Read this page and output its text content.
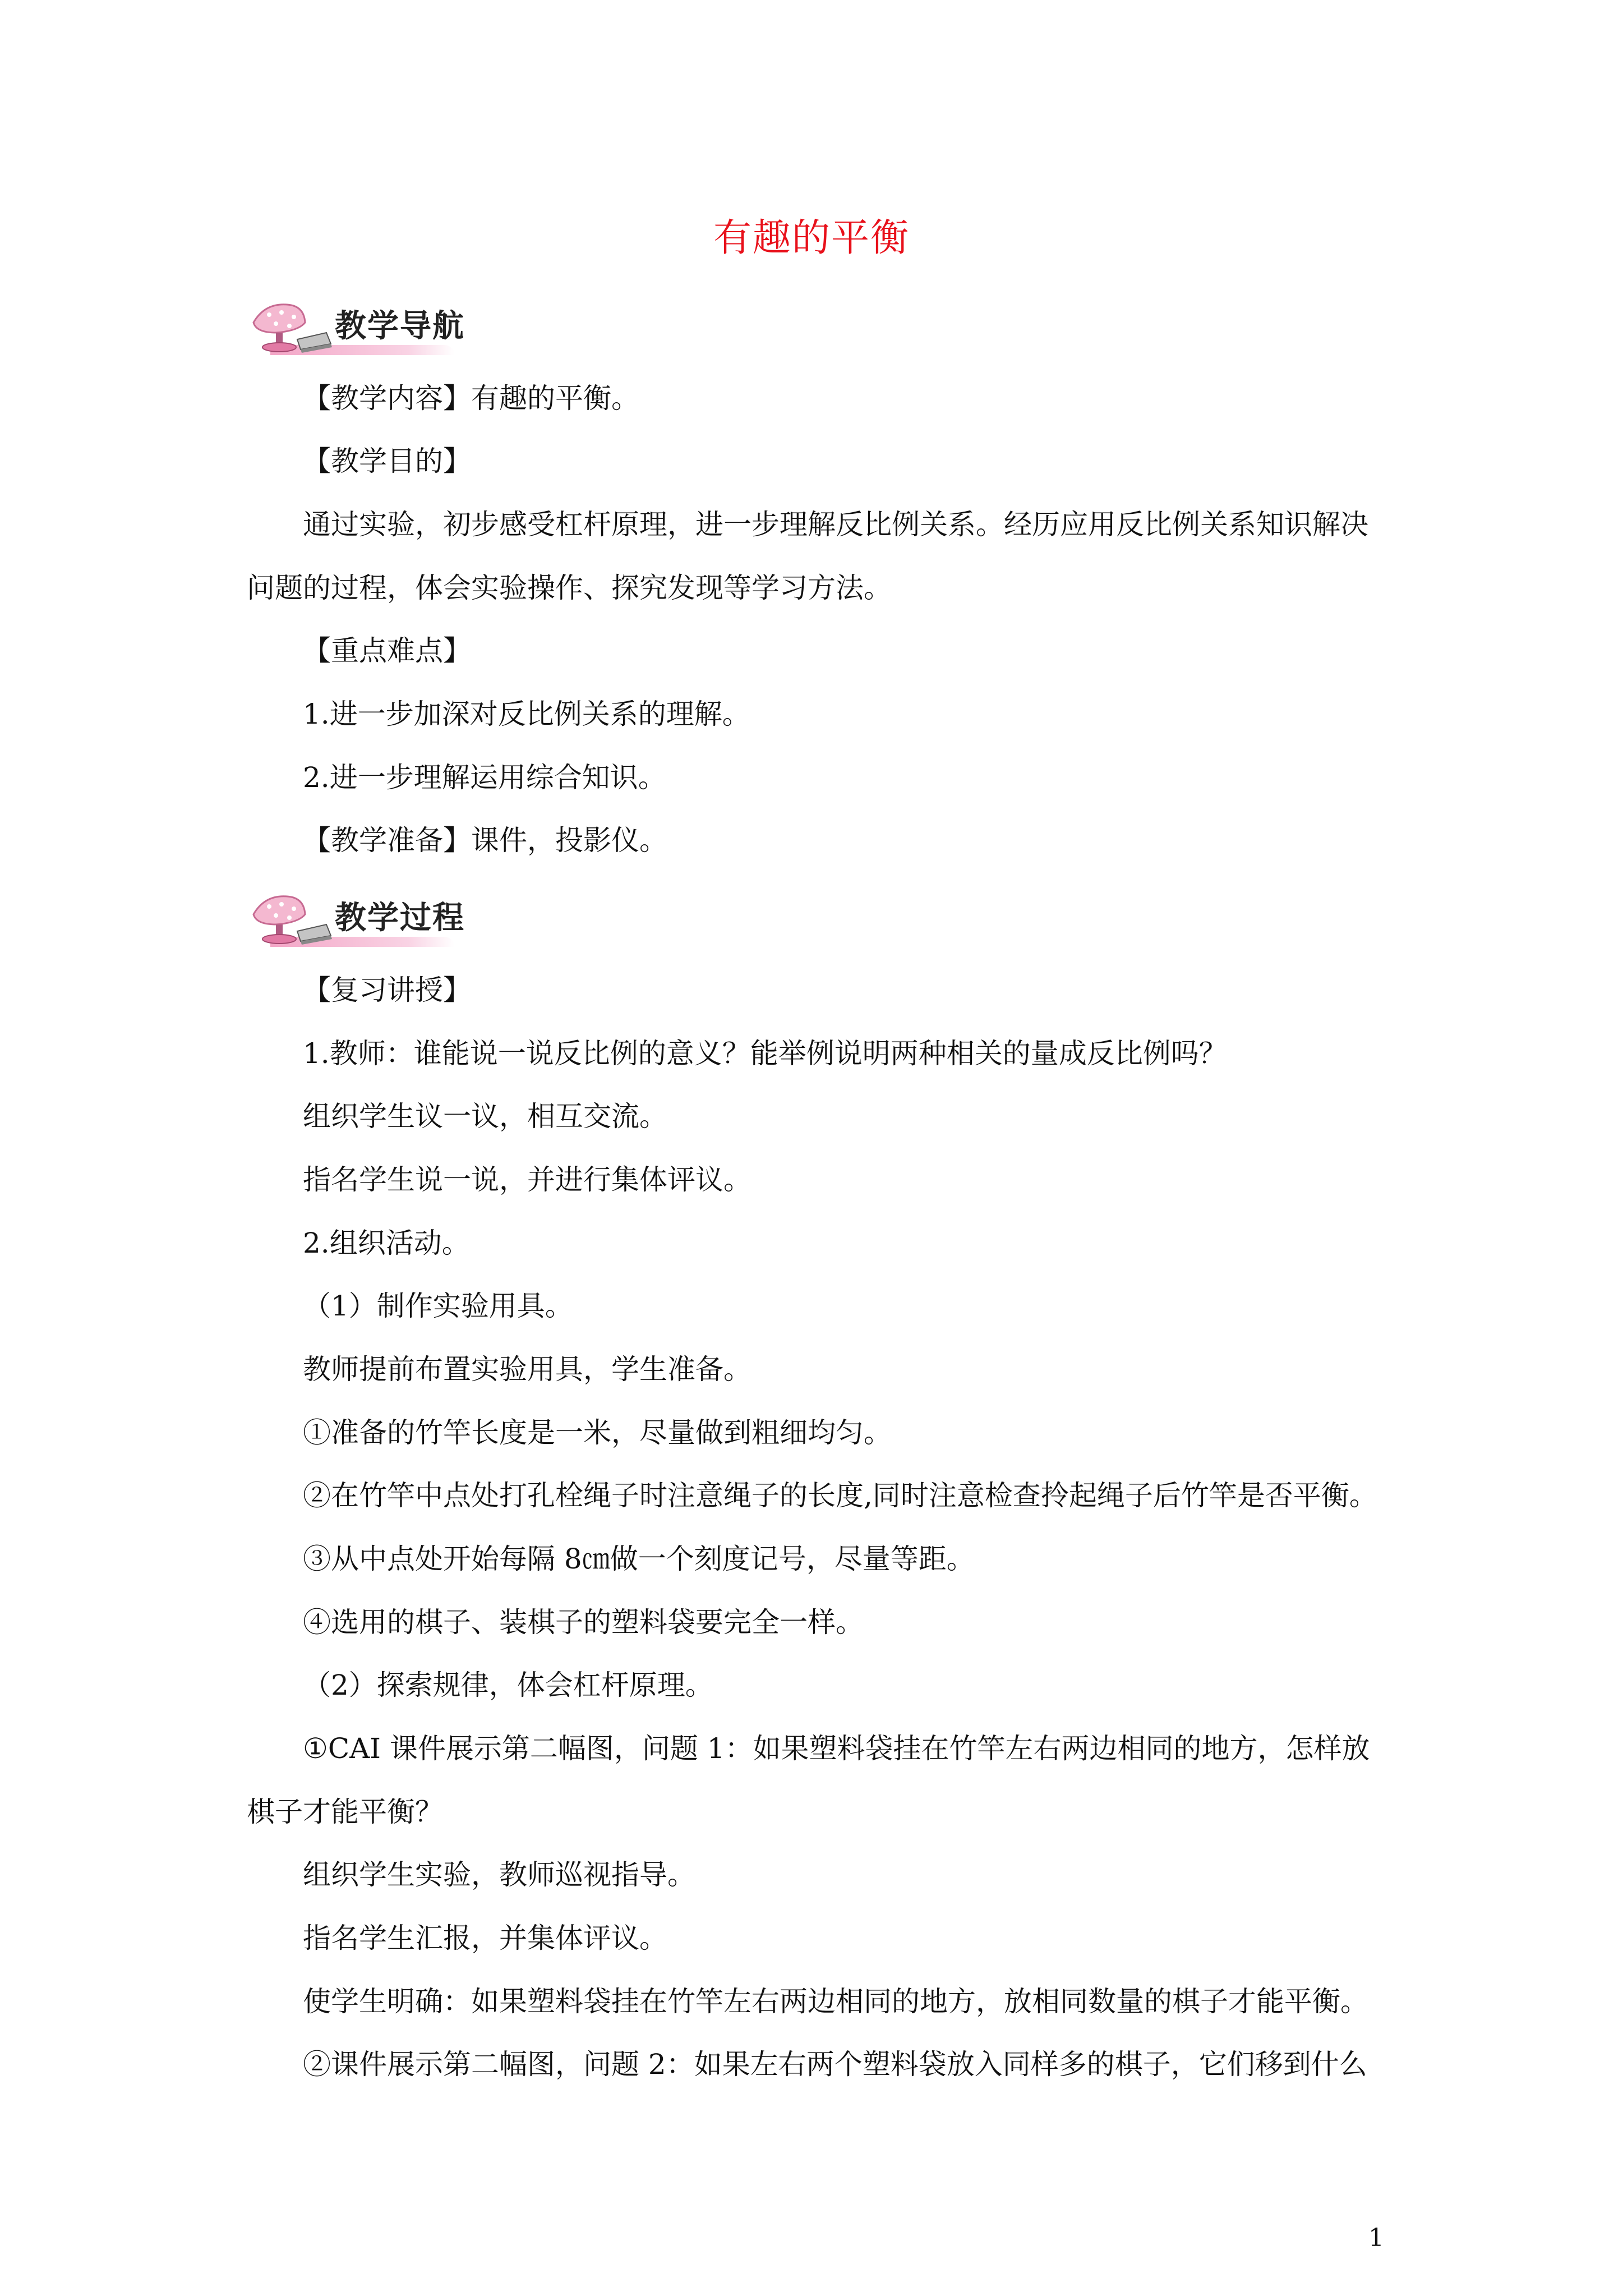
有趣的平衡
教学导航
教学过程
【教学内容】有趣的平衡。
【教学目的】
通过实验，初步感受杠杆原理，进一步理解反比例关系。经历应用反比例关系知识解决
问题的过程，体会实验操作、探究发现等学习方法。
【重点难点】
1.进一步加深对反比例关系的理解。
2.进一步理解运用综合知识。
【教学准备】课件，投影仪。
【复习讲授】
1.教师：谁能说一说反比例的意义？能举例说明两种相关的量成反比例吗？
组织学生议一议，相互交流。
指名学生说一说，并进行集体评议。
2.组织活动。
（1）制作实验用具。
教师提前布置实验用具，学生准备。
①准备的竹竿长度是一米，尽量做到粗细均匀。
②在竹竿中点处打孔栓绳子时注意绳子的长度,同时注意检查拎起绳子后竹竿是否平衡。
③从中点处开始每隔 8㎝做一个刻度记号，尽量等距。
④选用的棋子、装棋子的塑料袋要完全一样。
（2）探索规律，体会杠杆原理。
①CAI 课件展示第二幅图，问题 1：如果塑料袋挂在竹竿左右两边相同的地方，怎样放
棋子才能平衡？
组织学生实验，教师巡视指导。
指名学生汇报，并集体评议。
使学生明确：如果塑料袋挂在竹竿左右两边相同的地方，放相同数量的棋子才能平衡。
②课件展示第二幅图，问题 2：如果左右两个塑料袋放入同样多的棋子，它们移到什么
1
